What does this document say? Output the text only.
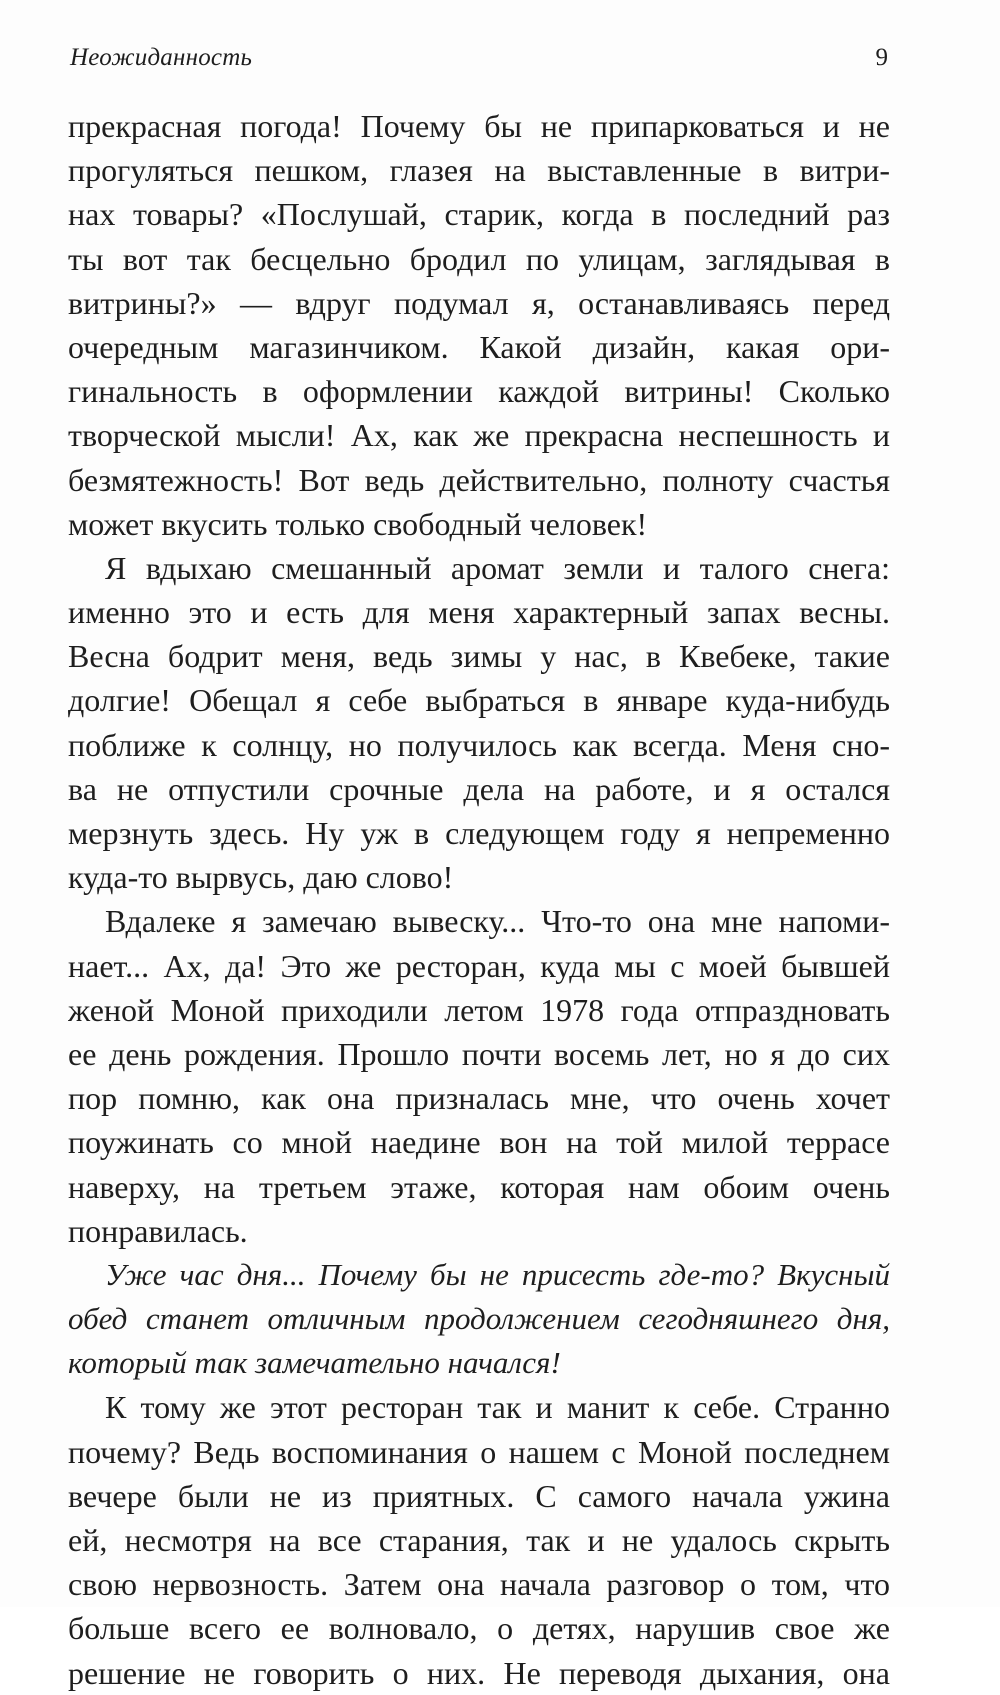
Неожиданность	9
прекрасная погода! Почему бы не припарковаться и не
прогуляться пешком, глазея на выставленные в витри-
нах товары? «Послушай, старик, когда в последний раз
ты вот так бесцельно бродил по улицам, заглядывая в
витрины?» — вдруг подумал я, останавливаясь перед
очередным магазинчиком. Какой дизайн, какая ори-
гинальность в оформлении каждой витрины! Сколько
творческой мысли! Ах, как же прекрасна неспешность и
безмятежность! Вот ведь действительно, полноту счастья
может вкусить только свободный человек!
Я вдыхаю смешанный аромат земли и талого снега:
именно это и есть для меня характерный запах весны.
Весна бодрит меня, ведь зимы у нас, в Квебеке, такие
долгие! Обещал я себе выбраться в январе куда-нибудь
поближе к солнцу, но получилось как всегда. Меня сно-
ва не отпустили срочные дела на работе, и я остался
мерзнуть здесь. Ну уж в следующем году я непременно
куда-то вырвусь, даю слово!
Вдалеке я замечаю вывеску... Что-то она мне напоми-
нает... Ах, да! Это же ресторан, куда мы с моей бывшей
женой Моной приходили летом 1978 года отпраздновать
ее день рождения. Прошло почти восемь лет, но я до сих
пор помню, как она призналась мне, что очень хочет
поужинать со мной наедине вон на той милой террасе
наверху, на третьем этаже, которая нам обоим очень
понравилась.
Уже час дня... Почему бы не присесть где-то? Вкусный
обед станет отличным продолжением сегодняшнего дня,
который так замечательно начался!
К тому же этот ресторан так и манит к себе. Странно
почему? Ведь воспоминания о нашем с Моной последнем
вечере были не из приятных. С самого начала ужина
ей, несмотря на все старания, так и не удалось скрыть
свою нервозность. Затем она начала разговор о том, что
больше всего ее волновало, о детях, нарушив свое же
решение не говорить о них. Не переводя дыхания, она
